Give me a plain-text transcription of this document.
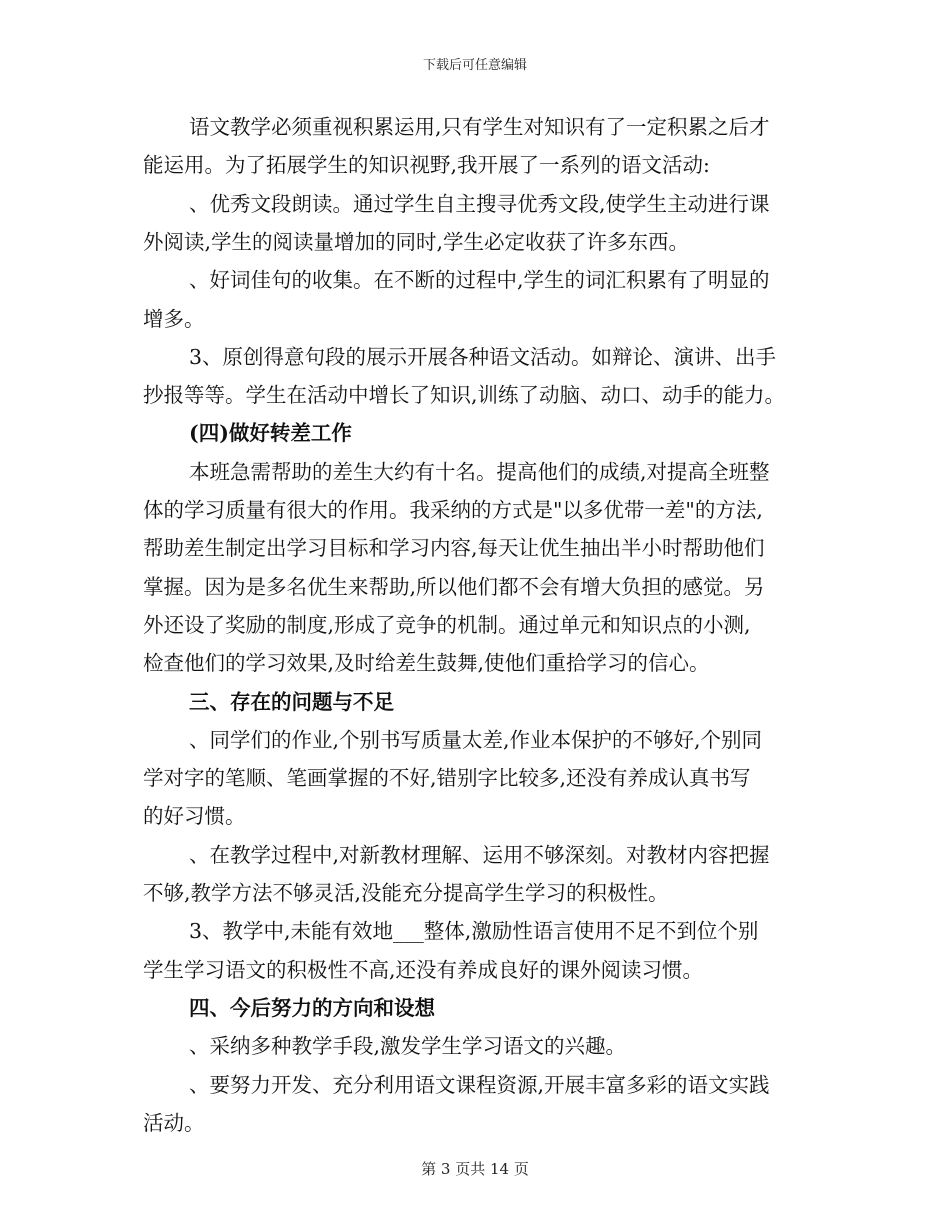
下载后可任意编辑
语文教学必须重视积累运用,只有学生对知识有了一定积累之后才
能运用。为了拓展学生的知识视野,我开展了一系列的语文活动:
、优秀文段朗读。通过学生自主搜寻优秀文段,使学生主动进行课
外阅读,学生的阅读量增加的同时,学生必定收获了许多东西。
、好词佳句的收集。在不断的过程中,学生的词汇积累有了明显的
增多。
3、原创得意句段的展示开展各种语文活动。如辩论、演讲、出手
抄报等等。学生在活动中增长了知识,训练了动脑、动口、动手的能力。
(四)做好转差工作
本班急需帮助的差生大约有十名。提高他们的成绩,对提高全班整
体的学习质量有很大的作用。我采纳的方式是"以多优带一差"的方法,
帮助差生制定出学习目标和学习内容,每天让优生抽出半小时帮助他们
掌握。因为是多名优生来帮助,所以他们都不会有增大负担的感觉。另
外还设了奖励的制度,形成了竞争的机制。通过单元和知识点的小测,
检查他们的学习效果,及时给差生鼓舞,使他们重拾学习的信心。
三、存在的问题与不足
、同学们的作业,个别书写质量太差,作业本保护的不够好,个别同
学对字的笔顺、笔画掌握的不好,错别字比较多,还没有养成认真书写
的好习惯。
、在教学过程中,对新教材理解、运用不够深刻。对教材内容把握
不够,教学方法不够灵活,没能充分提高学生学习的积极性。
3、教学中,未能有效地___整体,激励性语言使用不足不到位个别
学生学习语文的积极性不高,还没有养成良好的课外阅读习惯。
四、今后努力的方向和设想
、采纳多种教学手段,激发学生学习语文的兴趣。
、要努力开发、充分利用语文课程资源,开展丰富多彩的语文实践
活动。
第 3 页共 14 页
